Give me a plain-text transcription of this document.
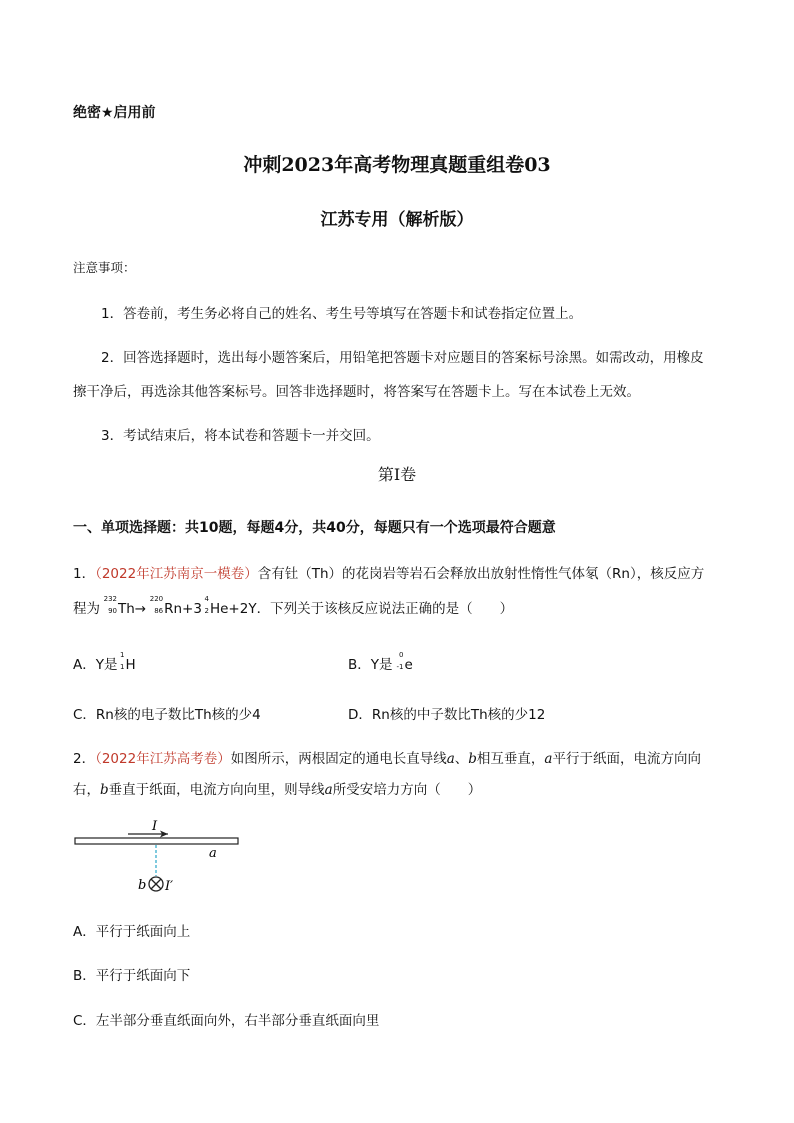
绝密★启用前
冲刺2023年高考物理真题重组卷03
江苏专用（解析版）
注意事项：
1．答卷前，考生务必将自己的姓名、考生号等填写在答题卡和试卷指定位置上。
2．回答选择题时，选出每小题答案后，用铅笔把答题卡对应题目的答案标号涂黑。如需改动，用橡皮
擦干净后，再选涂其他答案标号。回答非选择题时，将答案写在答题卡上。写在本试卷上无效。
3．考试结束后，将本试卷和答题卡一并交回。
第I卷
一、单项选择题：共10题，每题4分，共40分，每题只有一个选项最符合题意
1．（2022年江苏南京一模卷）含有钍（Th）的花岗岩等岩石会释放出放射性惰性气体氡（Rn），核反应方
程为
232
90 Th→
220
86 Rn+3
4
2 He+2Y．下列关于该核反应说法正确的是（　　）
A．Y是
1
1 H	B．Y是
0
-1 e
C．Rn核的电子数比Th核的少4	D．Rn核的中子数比Th核的少12
2．（2022年江苏高考卷）如图所示，两根固定的通电长直导线a、b相互垂直，a平行于纸面，电流方向向
右，b垂直于纸面，电流方向向里，则导线a所受安培力方向（　　）
I
a
b I′
A．平行于纸面向上
B．平行于纸面向下
C．左半部分垂直纸面向外，右半部分垂直纸面向里
